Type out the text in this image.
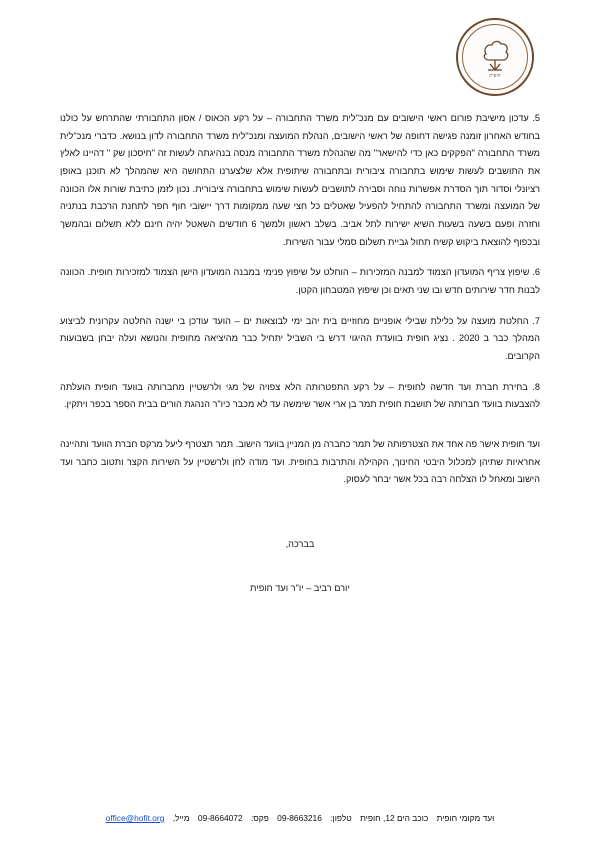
חופית

5. עדכון מישיבת פורום ראשי הישובים עם מנכ"לית משרד התחבורה – על רקע הכאוס / אסון התחבורתי שהתרחש על כולנו בחודש האחרון זומנה פגישה דחופה של ראשי הישובים, הנהלת המועצה ומנכ"לית משרד התחבורה לדון בנושא. כדברי מנכ"לית משרד התחבורה "הפקקים כאן כדי להישאר" מה שהנהלת משרד התחבורה מנסה בנהיגתה לעשות זה "חיסכון שק " דהיינו לאלץ את התושבים לעשות שימוש בתחבורה ציבורית ובתחבורה שיתופית אלא שלצערנו התחושה היא שהמהלך לא תוכנן באופן רציונלי וסדור תוך הסדרת אפשרות נוחה וסבירה לתושבים לעשות שימוש בתחבורה ציבורית. נכון לזמן כתיבת שורות אלו הכוונה של המועצה ומשרד התחבורה להתחיל להפעיל שאטלים כל חצי שעה ממקומות דרך יישובי חוף חפר לתחנת הרכבת בנתניה וחזרה ופעם בשעה בשעות השיא ישירות לתל אביב. בשלב ראשון ולמשך 6 חודשים השאטל יהיה חינם ללא תשלום ובהמשך ובכפוף להוצאת ביקוש קשיח תחול גביית תשלום סמלי עבור השירות.

6. שיפוץ צריף המועדון הצמוד למבנה המזכירות – הוחלט על שיפוץ פנימי במבנה המועדון הישן הצמוד למזכירות חופית. הכוונה לבנות חדר שירותים חדש ובו שני תאים וכן שיפוץ המטבחון הקטן.

7. החלטת מועצה על כלילת שבילי אופניים מחוזיים בית יהב ימי לבוצאות ים – הועד עודכן בי ישנה החלטה עקרונית לביצוע המהלך כבר ב 2020 . נציג חופית בוועדת ההיגוי דרש בי השביל יתחיל כבר מהיציאה מחופית והנושא ועלה יבחן בשבועות הקרובים.

8. בחירת חברת ועד חדשה לחופית – על רקע התפטרותה הלא צפויה של מגי ולרשטיין מחברותה בוועד חופית הועלתה להצבעות בוועד חברותה של תושבת חופית תמר בן ארי אשר שימשה עד לא מכבר כיו"ר הנהגת הורים בבית הספר בכפר ויתקין.

ועד חופית אישר פה אחד את הצטרפותה של תמר כחברה מן המניין בוועד הישוב. תמר תצטרף ליעל מרקס חברת הוועד ותהיינה אחראיות שתיהן למכלול היבטי החינוך, הקהילה והתרבות בחופית. ועד מודה לחן ולרשטיין על השירות הקצר ותטוב כחבר ועד הישוב ומאחל לו הצלחה רבה בכל אשר יבחר לעסוק.

בברכה,

יורם רביב – יו"ר ועד חופית

ועד מקומי חופית כוכב הים 12, חופית טלפון: 09-8663216 פקס: 09-8664072 מייל, office@hofit.org
